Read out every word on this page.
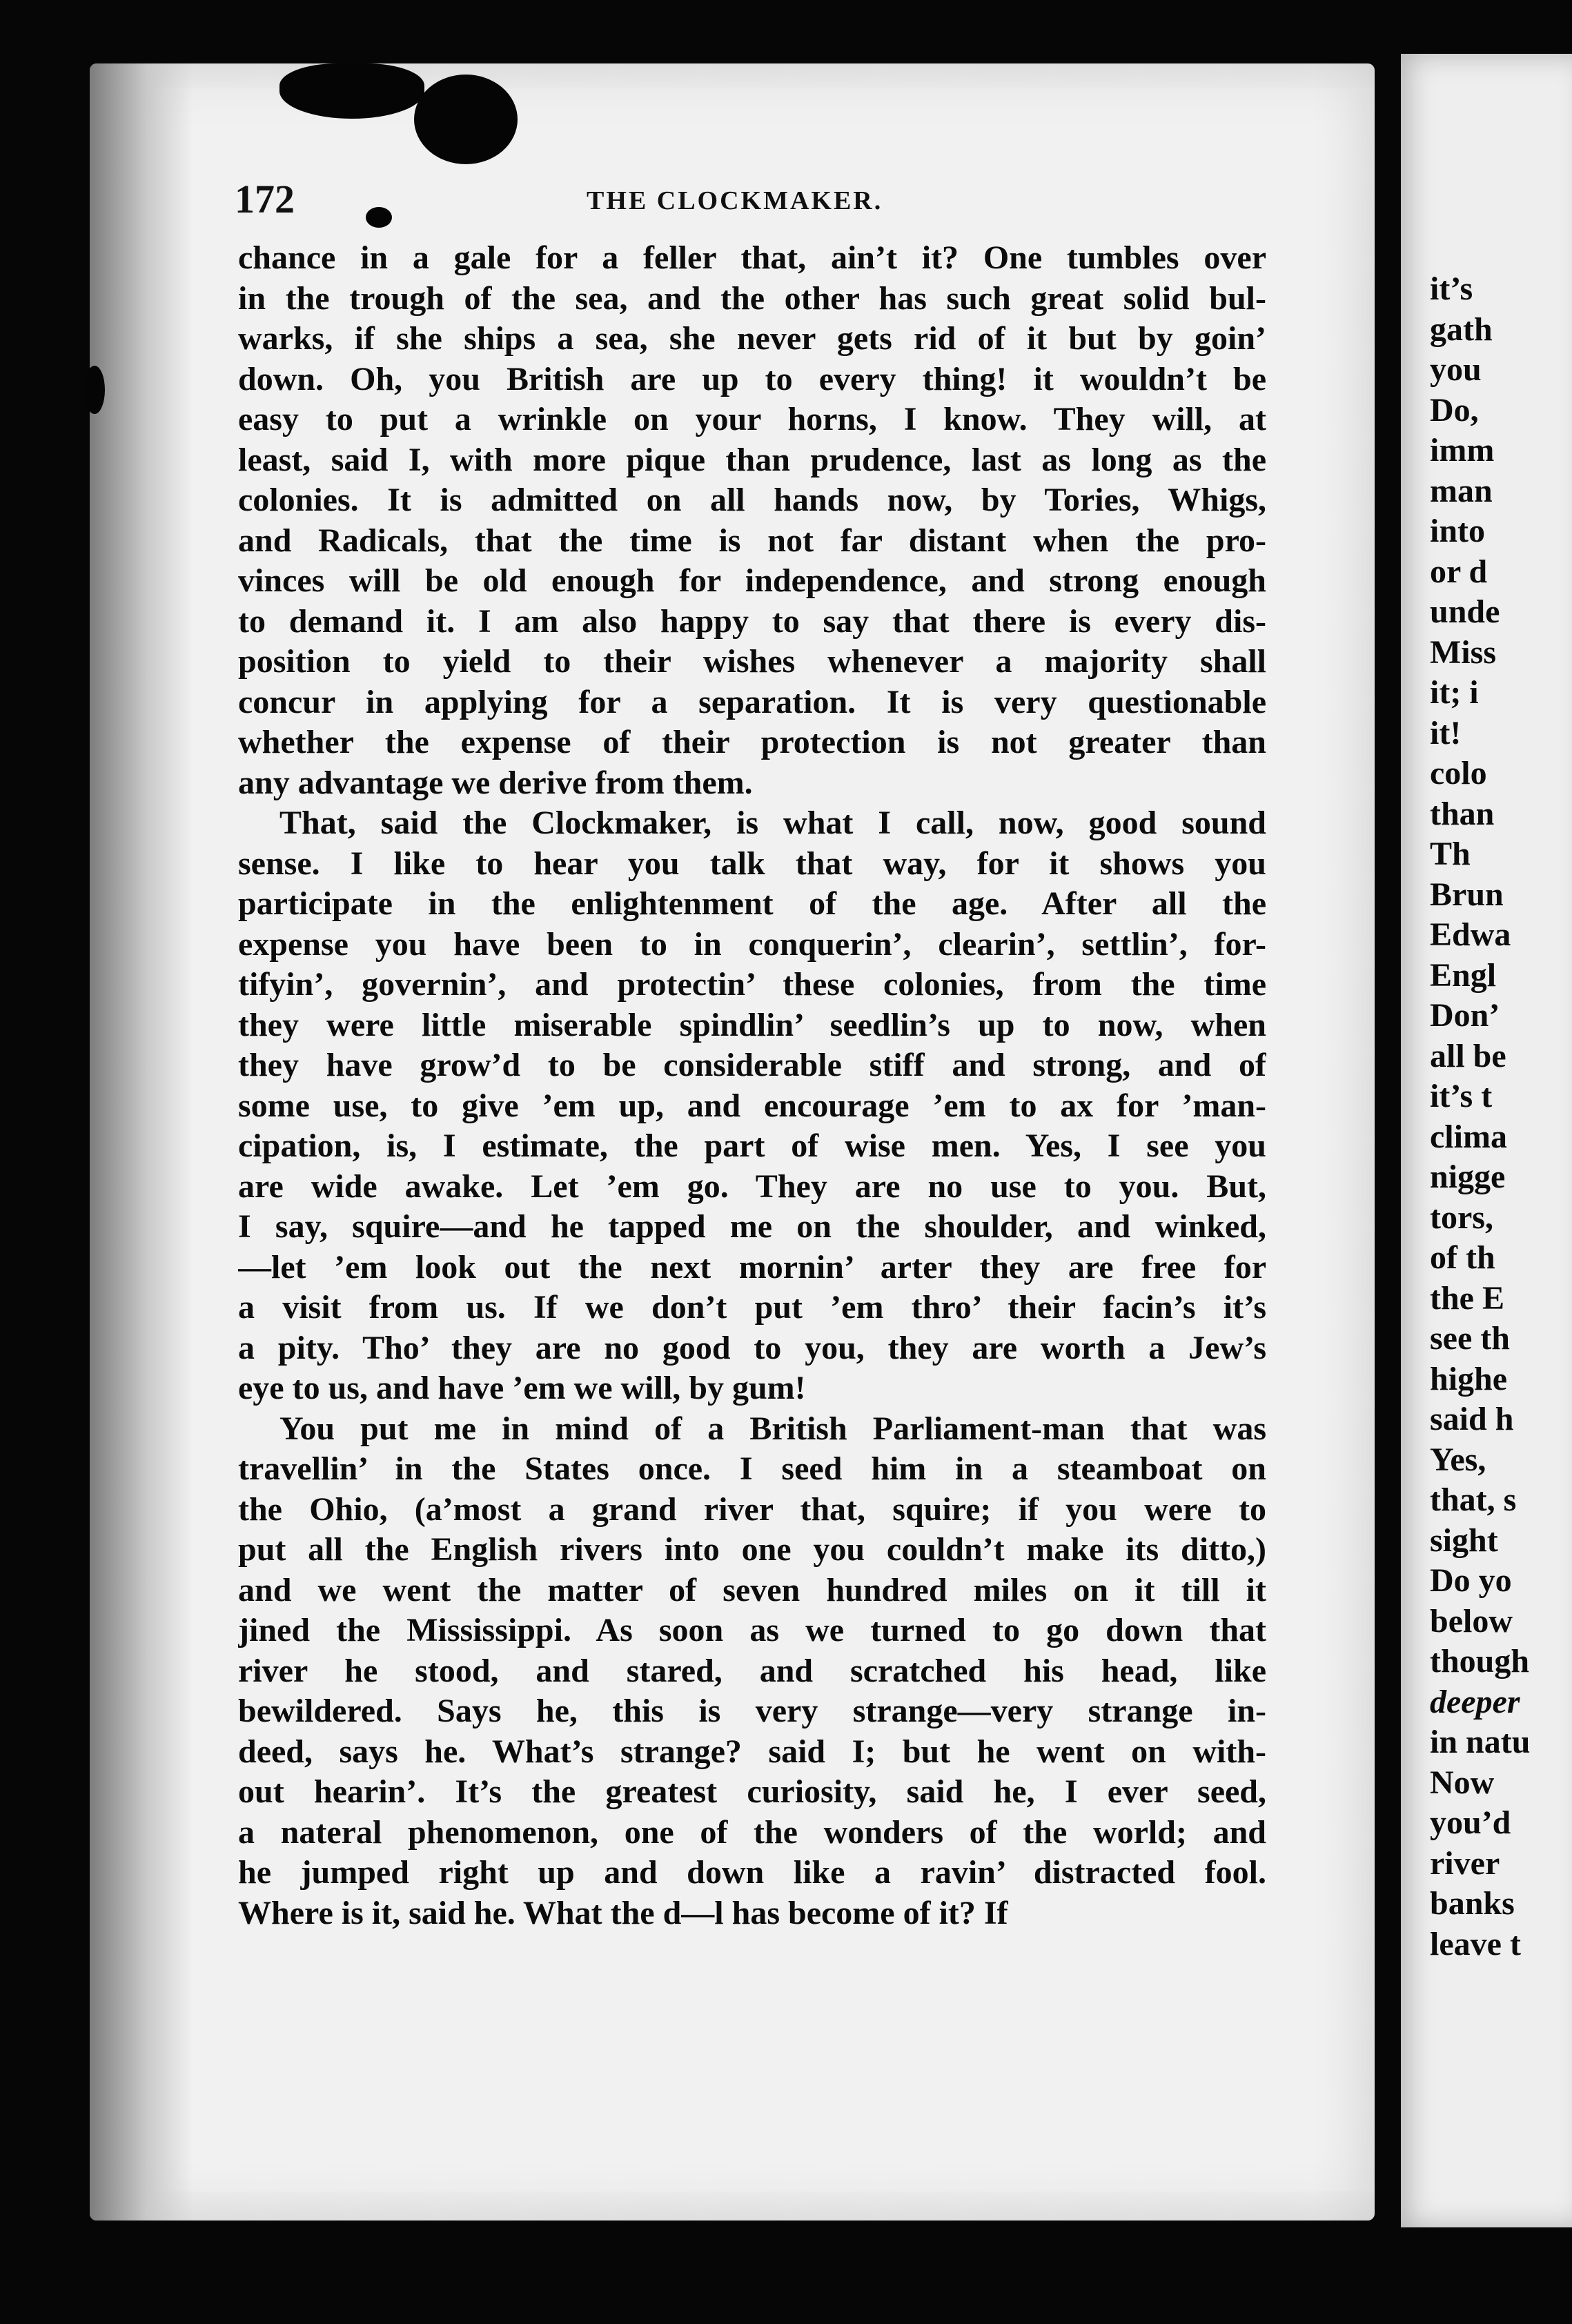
172	THE CLOCKMAKER.
chance in a gale for a feller that, ain’t it? One tumbles over
in the trough of the sea, and the other has such great solid bul-
warks, if she ships a sea, she never gets rid of it but by goin’
down. Oh, you British are up to every thing! it wouldn’t be
easy to put a wrinkle on your horns, I know. They will, at
least, said I, with more pique than prudence, last as long as the
colonies. It is admitted on all hands now, by Tories, Whigs,
and Radicals, that the time is not far distant when the pro-
vinces will be old enough for independence, and strong enough
to demand it. I am also happy to say that there is every dis-
position to yield to their wishes whenever a majority shall
concur in applying for a separation. It is very questionable
whether the expense of their protection is not greater than
any advantage we derive from them.
That, said the Clockmaker, is what I call, now, good sound
sense. I like to hear you talk that way, for it shows you
participate in the enlightenment of the age. After all the
expense you have been to in conquerin’, clearin’, settlin’, for-
tifyin’, governin’, and protectin’ these colonies, from the time
they were little miserable spindlin’ seedlin’s up to now, when
they have grow’d to be considerable stiff and strong, and of
some use, to give ’em up, and encourage ’em to ax for ’man-
cipation, is, I estimate, the part of wise men. Yes, I see you
are wide awake. Let ’em go. They are no use to you. But,
I say, squire—and he tapped me on the shoulder, and winked,
—let ’em look out the next mornin’ arter they are free for
a visit from us. If we don’t put ’em thro’ their facin’s it’s
a pity. Tho’ they are no good to you, they are worth a Jew’s
eye to us, and have ’em we will, by gum!
You put me in mind of a British Parliament-man that was
travellin’ in the States once. I seed him in a steamboat on
the Ohio, (a’most a grand river that, squire; if you were to
put all the English rivers into one you couldn’t make its ditto,)
and we went the matter of seven hundred miles on it till it
jined the Mississippi. As soon as we turned to go down that
river he stood, and stared, and scratched his head, like
bewildered. Says he, this is very strange—very strange in-
deed, says he. What’s strange? said I; but he went on with-
out hearin’. It’s the greatest curiosity, said he, I ever seed,
a nateral phenomenon, one of the wonders of the world; and
he jumped right up and down like a ravin’ distracted fool.
Where is it, said he. What the d—l has become of it? If
it’s
gath
you
Do,
imm
man
into
or d
unde
Miss
it; i
it!
colo
than
Th
Brun
Edwa
Engl
Don’
all be
it’s t
clima
nigge
tors,
of th
the E
see th
highe
said h
Yes,
that, s
sight
Do yo
below
though
deeper
in natu
Now
you’d
river
banks
leave t
